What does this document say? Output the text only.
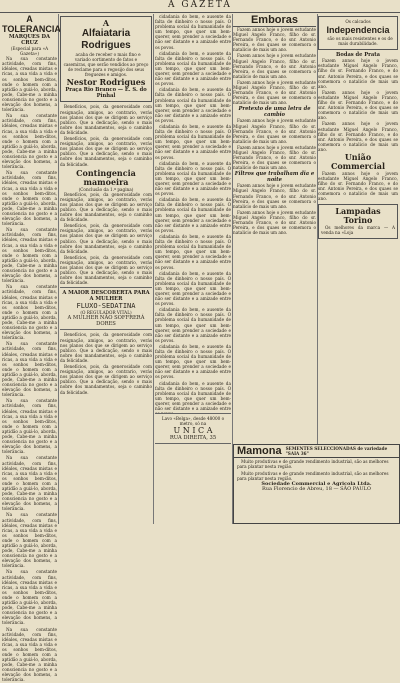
A GAZETA
A TOLERANCIA
MARQUES DA CRUZ
(Especial para «A Gazeta»)

Na sua constante actividade, com fins, idéales, creadas mistas e ricas, a sua vida a vida e os sonhos bem-ditos, onde o homem com a aptidão a guiá-lo, aborda, pode, Cabe-me a minha consciencia no gosto e a elevação dos homens, a tolerância.

Na sua constante actividade, com fins, idéales, creadas mistas e ricas, a sua vida a vida e os sonhos bem-ditos, onde o homem com a aptidão a guiá-lo, aborda, pode, Cabe-me a minha consciencia no gosto e a elevação dos homens, a tolerância.

Na sua constante actividade, com fins, idéales, creadas mistas e ricas, a sua vida a vida e os sonhos bem-ditos, onde o homem com a aptidão a guiá-lo, aborda, pode, Cabe-me a minha consciencia no gosto e a elevação dos homens, a tolerância.

Na sua constante actividade, com fins, idéales, creadas mistas e ricas, a sua vida a vida e os sonhos bem-ditos, onde o homem com a aptidão a guiá-lo, aborda, pode, Cabe-me a minha consciencia no gosto e a elevação dos homens, a tolerância.

Na sua constante actividade, com fins, idéales, creadas mistas e ricas, a sua vida a vida e os sonhos bem-ditos, onde o homem com a aptidão a guiá-lo, aborda, pode, Cabe-me a minha consciencia no gosto e a elevação dos homens, a tolerância.

Na sua constante actividade, com fins, idéales, creadas mistas e ricas, a sua vida a vida e os sonhos bem-ditos, onde o homem com a aptidão a guiá-lo, aborda, pode, Cabe-me a minha consciencia no gosto e a elevação dos homens, a tolerância.

Na sua constante actividade, com fins, idéales, creadas mistas e ricas, a sua vida a vida e os sonhos bem-ditos, onde o homem com a aptidão a guiá-lo, aborda, pode, Cabe-me a minha consciencia no gosto e a elevação dos homens, a tolerância.

Na sua constante actividade, com fins, idéales, creadas mistas e ricas, a sua vida a vida e os sonhos bem-ditos, onde o homem com a aptidão a guiá-lo, aborda, pode, Cabe-me a minha consciencia no gosto e a elevação dos homens, a tolerância.

Na sua constante actividade, com fins, idéales, creadas mistas e ricas, a sua vida a vida e os sonhos bem-ditos, onde o homem com a aptidão a guiá-lo, aborda, pode, Cabe-me a minha consciencia no gosto e a elevação dos homens, a tolerância.

Na sua constante actividade, com fins, idéales, creadas mistas e ricas, a sua vida a vida e os sonhos bem-ditos, onde o homem com a aptidão a guiá-lo, aborda, pode, Cabe-me a minha consciencia no gosto e a elevação dos homens, a tolerância.

Na sua constante actividade, com fins, idéales, creadas mistas e ricas, a sua vida a vida e os sonhos bem-ditos, onde o homem com a aptidão a guiá-lo, aborda, pode, Cabe-me a minha consciencia no gosto e a elevação dos homens, a tolerância.

A
Alfaiataria Rodrigues

acaba de receber o mais fino e variado sortimento de fatos e casemiras, que serão vendidos ao preço de reclame para o regosijo dos seus freguezes e amigos.

Nestor Rodrigues
Praça Rio Branco — E. S. do Pinhal

Benefícios, pois, da generosidade com resignação, amigos, ao contrario, verás nos planos dos que se dirigem ao serviço publico. Que a dedicação, sendo o mais nobre dos mandamentos, seja o caminho da felicidade.

Benefícios, pois, da generosidade com resignação, amigos, ao contrario, verás nos planos dos que se dirigem ao serviço publico. Que a dedicação, sendo o mais nobre dos mandamentos, seja o caminho da felicidade.

Contingencia mamoeira
(Conclusão da 1.ª pagina)

Benefícios, pois, da generosidade com resignação, amigos, ao contrario, verás nos planos dos que se dirigem ao serviço publico. Que a dedicação, sendo o mais nobre dos mandamentos, seja o caminho da felicidade.

Benefícios, pois, da generosidade com resignação, amigos, ao contrario, verás nos planos dos que se dirigem ao serviço publico. Que a dedicação, sendo o mais nobre dos mandamentos, seja o caminho da felicidade.

Benefícios, pois, da generosidade com resignação, amigos, ao contrario, verás nos planos dos que se dirigem ao serviço publico. Que a dedicação, sendo o mais nobre dos mandamentos, seja o caminho da felicidade.

A MAIOR DESCOBERTA PARA A MULHER
FLUXO-SEDATINA
(O REGULADOR VITAL)
A MULHER NÃO SOFFRERÁ DORES

Benefícios, pois, da generosidade com resignação, amigos, ao contrario, verás nos planos dos que se dirigem ao serviço publico. Que a dedicação, sendo o mais nobre dos mandamentos, seja o caminho da felicidade.

Benefícios, pois, da generosidade com resignação, amigos, ao contrario, verás nos planos dos que se dirigem ao serviço publico. Que a dedicação, sendo o mais nobre dos mandamentos, seja o caminho da felicidade.

cidadania do bem, e ausente da falta de dinheiro o nosso país. O problema social da humanidade de um tempo, que quer um bem-querer, sem prender a sociedade e não ser distante e a amizade entre os povos.

cidadania do bem, e ausente da falta de dinheiro o nosso país. O problema social da humanidade de um tempo, que quer um bem-querer, sem prender a sociedade e não ser distante e a amizade entre os povos.

cidadania do bem, e ausente da falta de dinheiro o nosso país. O problema social da humanidade de um tempo, que quer um bem-querer, sem prender a sociedade e não ser distante e a amizade entre os povos.

cidadania do bem, e ausente da falta de dinheiro o nosso país. O problema social da humanidade de um tempo, que quer um bem-querer, sem prender a sociedade e não ser distante e a amizade entre os povos.

cidadania do bem, e ausente da falta de dinheiro o nosso país. O problema social da humanidade de um tempo, que quer um bem-querer, sem prender a sociedade e não ser distante e a amizade entre os povos.

cidadania do bem, e ausente da falta de dinheiro o nosso país. O problema social da humanidade de um tempo, que quer um bem-querer, sem prender a sociedade e não ser distante e a amizade entre os povos.

cidadania do bem, e ausente da falta de dinheiro o nosso país. O problema social da humanidade de um tempo, que quer um bem-querer, sem prender a sociedade e não ser distante e a amizade entre os povos.

cidadania do bem, e ausente da falta de dinheiro o nosso país. O problema social da humanidade de um tempo, que quer um bem-querer, sem prender a sociedade e não ser distante e a amizade entre os povos.

cidadania do bem, e ausente da falta de dinheiro o nosso país. O problema social da humanidade de um tempo, que quer um bem-querer, sem prender a sociedade e não ser distante e a amizade entre os povos.

cidadania do bem, e ausente da falta de dinheiro o nosso país. O problema social da humanidade de um tempo, que quer um bem-querer, sem prender a sociedade e não ser distante e a amizade entre os povos.

cidadania do bem, e ausente da falta de dinheiro o nosso país. O problema social da humanidade de um tempo, que quer um bem-querer, sem prender a sociedade e não ser distante e a amizade entre

Lavo «Belga», desde 48000 o metro, só na
U N I C A
RUA DIREITA, 35
Emboras

Fazem annos hoje o jovem estudante Miguel Angelo Franco, filho do sr. Fernando Franco, e do snr. Antonio Pereira, e dos quaes se comemora o natalicio de mais um ano.

Fazem annos hoje o jovem estudante Miguel Angelo Franco, filho do sr. Fernando Franco, e do snr. Antonio Pereira, e dos quaes se comemora o natalicio de mais um ano.

Fazem annos hoje o jovem estudante Miguel Angelo Franco, filho do sr. Fernando Franco, e do snr. Antonio Pereira, e dos quaes se comemora o natalicio de mais um ano.

Pretexto de uma letra de cambio

Fazem annos hoje o jovem estudante Miguel Angelo Franco, filho do sr. Fernando Franco, e do snr. Antonio Pereira, e dos quaes se comemora o natalicio de mais um ano.

Fazem annos hoje o jovem estudante Miguel Angelo Franco, filho do sr. Fernando Franco, e do snr. Antonio Pereira, e dos quaes se comemora o natalicio de mais um ano.

Filtros que trabalham dia e noite

Fazem annos hoje o jovem estudante Miguel Angelo Franco, filho do sr. Fernando Franco, e do snr. Antonio Pereira, e dos quaes se comemora o natalicio de mais um ano.

Fazem annos hoje o jovem estudante Miguel Angelo Franco, filho do sr. Fernando Franco, e do snr. Antonio Pereira, e dos quaes se comemora o natalicio de mais um ano.

Os calcados
Independencia

são os mais resistentes e os de mais durabilidade.

Bodas de Prata

Fazem annos hoje o jovem estudante Miguel Angelo Franco, filho do sr. Fernando Franco, e do snr. Antonio Pereira, e dos quaes se comemora o natalicio de mais um ano.

Fazem annos hoje o jovem estudante Miguel Angelo Franco, filho do sr. Fernando Franco, e do snr. Antonio Pereira, e dos quaes se comemora o natalicio de mais um ano.

Fazem annos hoje o jovem estudante Miguel Angelo Franco, filho do sr. Fernando Franco, e do snr. Antonio Pereira, e dos quaes se comemora o natalicio de mais um ano.

União Commercial

Fazem annos hoje o jovem estudante Miguel Angelo Franco, filho do sr. Fernando Franco, e do snr. Antonio Pereira, e dos quaes se comemora o natalicio de mais um ano.

Lampadas Torino

Os melhores da marca — A venda na «Loja

Mamona SEMENTES SELECCIONADAS de variedade "SAIA 36"

Muito produtivas e de grande rendimento industrial, são as melhores para plantar nesta região.

Muito produtivas e de grande rendimento industrial, são as melhores para plantar nesta região.

Sociedade Commercial e Agricola Ltda.
Rua Florencio de Abreu, 18 — SÃO PAULO
